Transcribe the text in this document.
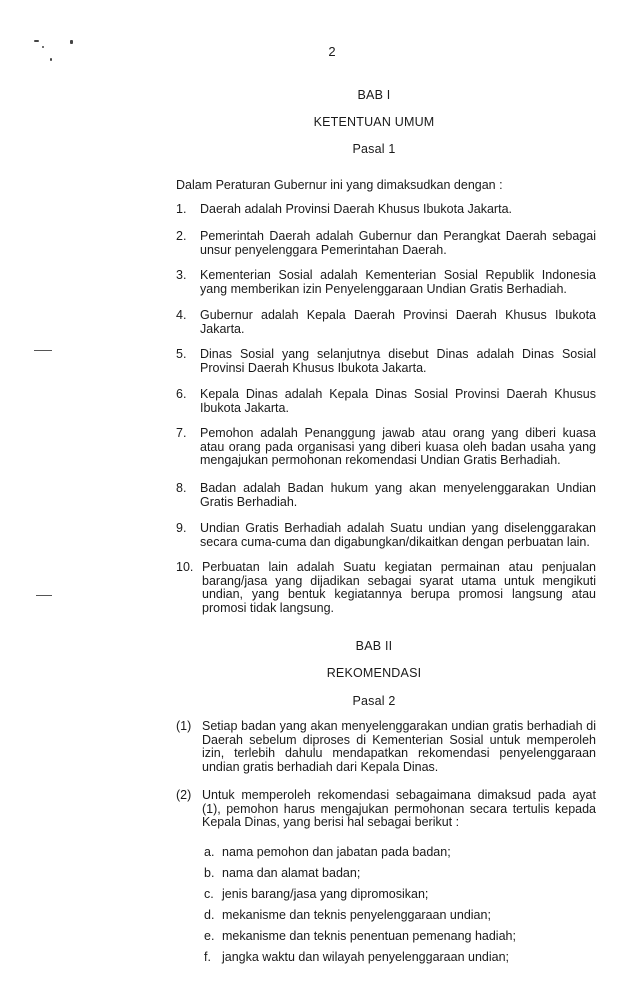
2
BAB I
KETENTUAN UMUM
Pasal 1
Dalam Peraturan Gubernur ini yang dimaksudkan dengan :
1.	Daerah adalah Provinsi Daerah Khusus Ibukota Jakarta.
2.	Pemerintah Daerah adalah Gubernur dan Perangkat Daerah sebagai unsur penyelenggara Pemerintahan Daerah.
3.	Kementerian Sosial adalah Kementerian Sosial Republik Indonesia yang memberikan izin Penyelenggaraan Undian Gratis Berhadiah.
4.	Gubernur adalah Kepala Daerah Provinsi Daerah Khusus Ibukota Jakarta.
5.	Dinas Sosial yang selanjutnya disebut Dinas adalah Dinas Sosial Provinsi Daerah Khusus Ibukota Jakarta.
6.	Kepala Dinas adalah Kepala Dinas Sosial Provinsi Daerah Khusus Ibukota Jakarta.
7.	Pemohon adalah Penanggung jawab atau orang yang diberi kuasa atau orang pada organisasi yang diberi kuasa oleh badan usaha yang mengajukan permohonan rekomendasi Undian Gratis Berhadiah.
8.	Badan adalah Badan hukum yang akan menyelenggarakan Undian Gratis Berhadiah.
9.	Undian Gratis Berhadiah adalah Suatu undian yang diselenggarakan secara cuma-cuma dan digabungkan/dikaitkan dengan perbuatan lain.
10. Perbuatan lain adalah Suatu kegiatan permainan atau penjualan barang/jasa yang dijadikan sebagai syarat utama untuk mengikuti undian, yang bentuk kegiatannya berupa promosi langsung atau promosi tidak langsung.
BAB II
REKOMENDASI
Pasal 2
(1) Setiap badan yang akan menyelenggarakan undian gratis berhadiah di Daerah sebelum diproses di Kementerian Sosial untuk memperoleh izin, terlebih dahulu mendapatkan rekomendasi penyelenggaraan undian gratis berhadiah dari Kepala Dinas.
(2) Untuk memperoleh rekomendasi sebagaimana dimaksud pada ayat (1), pemohon harus mengajukan permohonan secara tertulis kepada Kepala Dinas, yang berisi hal sebagai berikut :
a. nama pemohon dan jabatan pada badan;
b. nama dan alamat badan;
c. jenis barang/jasa yang dipromosikan;
d. mekanisme dan teknis penyelenggaraan undian;
e. mekanisme dan teknis penentuan pemenang hadiah;
f. jangka waktu dan wilayah penyelenggaraan undian;
